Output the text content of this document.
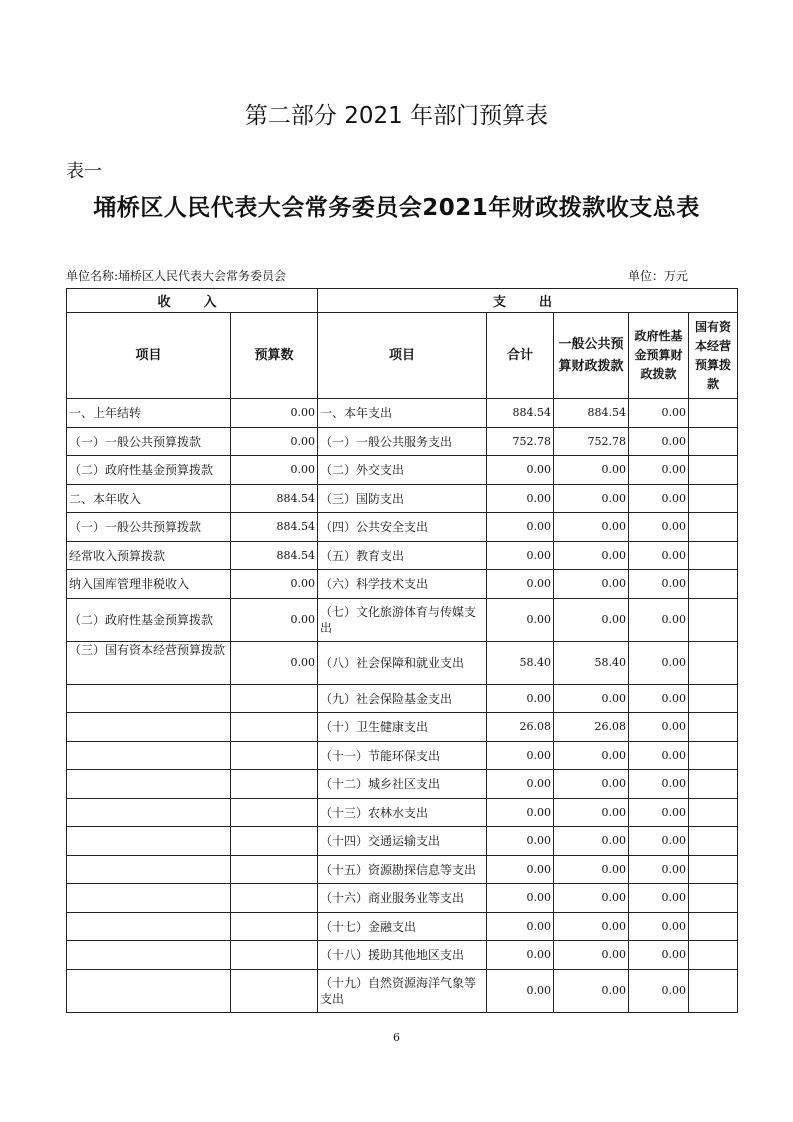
第二部分 2021 年部门预算表
表一
埇桥区人民代表大会常务委员会2021年财政拨款收支总表
单位名称:埇桥区人民代表大会常务委员会	单位：万元
收　入		支　出				
项目	预算数	项目	合计	一般公共预算财政拨款	政府性基金预算财政拨款	国有资本经营预算拨款
一、上年结转	0.00	一、本年支出	884.54	884.54	0.00	
（一）一般公共预算拨款	0.00	（一）一般公共服务支出	752.78	752.78	0.00	
（二）政府性基金预算拨款	0.00	（二）外交支出	0.00	0.00	0.00	
二、本年收入	884.54	（三）国防支出	0.00	0.00	0.00	
（一）一般公共预算拨款	884.54	（四）公共安全支出	0.00	0.00	0.00	
经常收入预算拨款	884.54	（五）教育支出	0.00	0.00	0.00	
纳入国库管理非税收入	0.00	（六）科学技术支出	0.00	0.00	0.00	
（二）政府性基金预算拨款	0.00	（七）文化旅游体育与传媒支出	0.00	0.00	0.00	
（三）国有资本经营预算拨款	0.00	（八）社会保障和就业支出	58.40	58.40	0.00	
		（九）社会保险基金支出	0.00	0.00	0.00	
		（十）卫生健康支出	26.08	26.08	0.00	
		（十一）节能环保支出	0.00	0.00	0.00	
		（十二）城乡社区支出	0.00	0.00	0.00	
		（十三）农林水支出	0.00	0.00	0.00	
		（十四）交通运输支出	0.00	0.00	0.00	
		（十五）资源勘探信息等支出	0.00	0.00	0.00	
		（十六）商业服务业等支出	0.00	0.00	0.00	
		（十七）金融支出	0.00	0.00	0.00	
		（十八）援助其他地区支出	0.00	0.00	0.00	
		（十九）自然资源海洋气象等支出	0.00	0.00	0.00	
6
